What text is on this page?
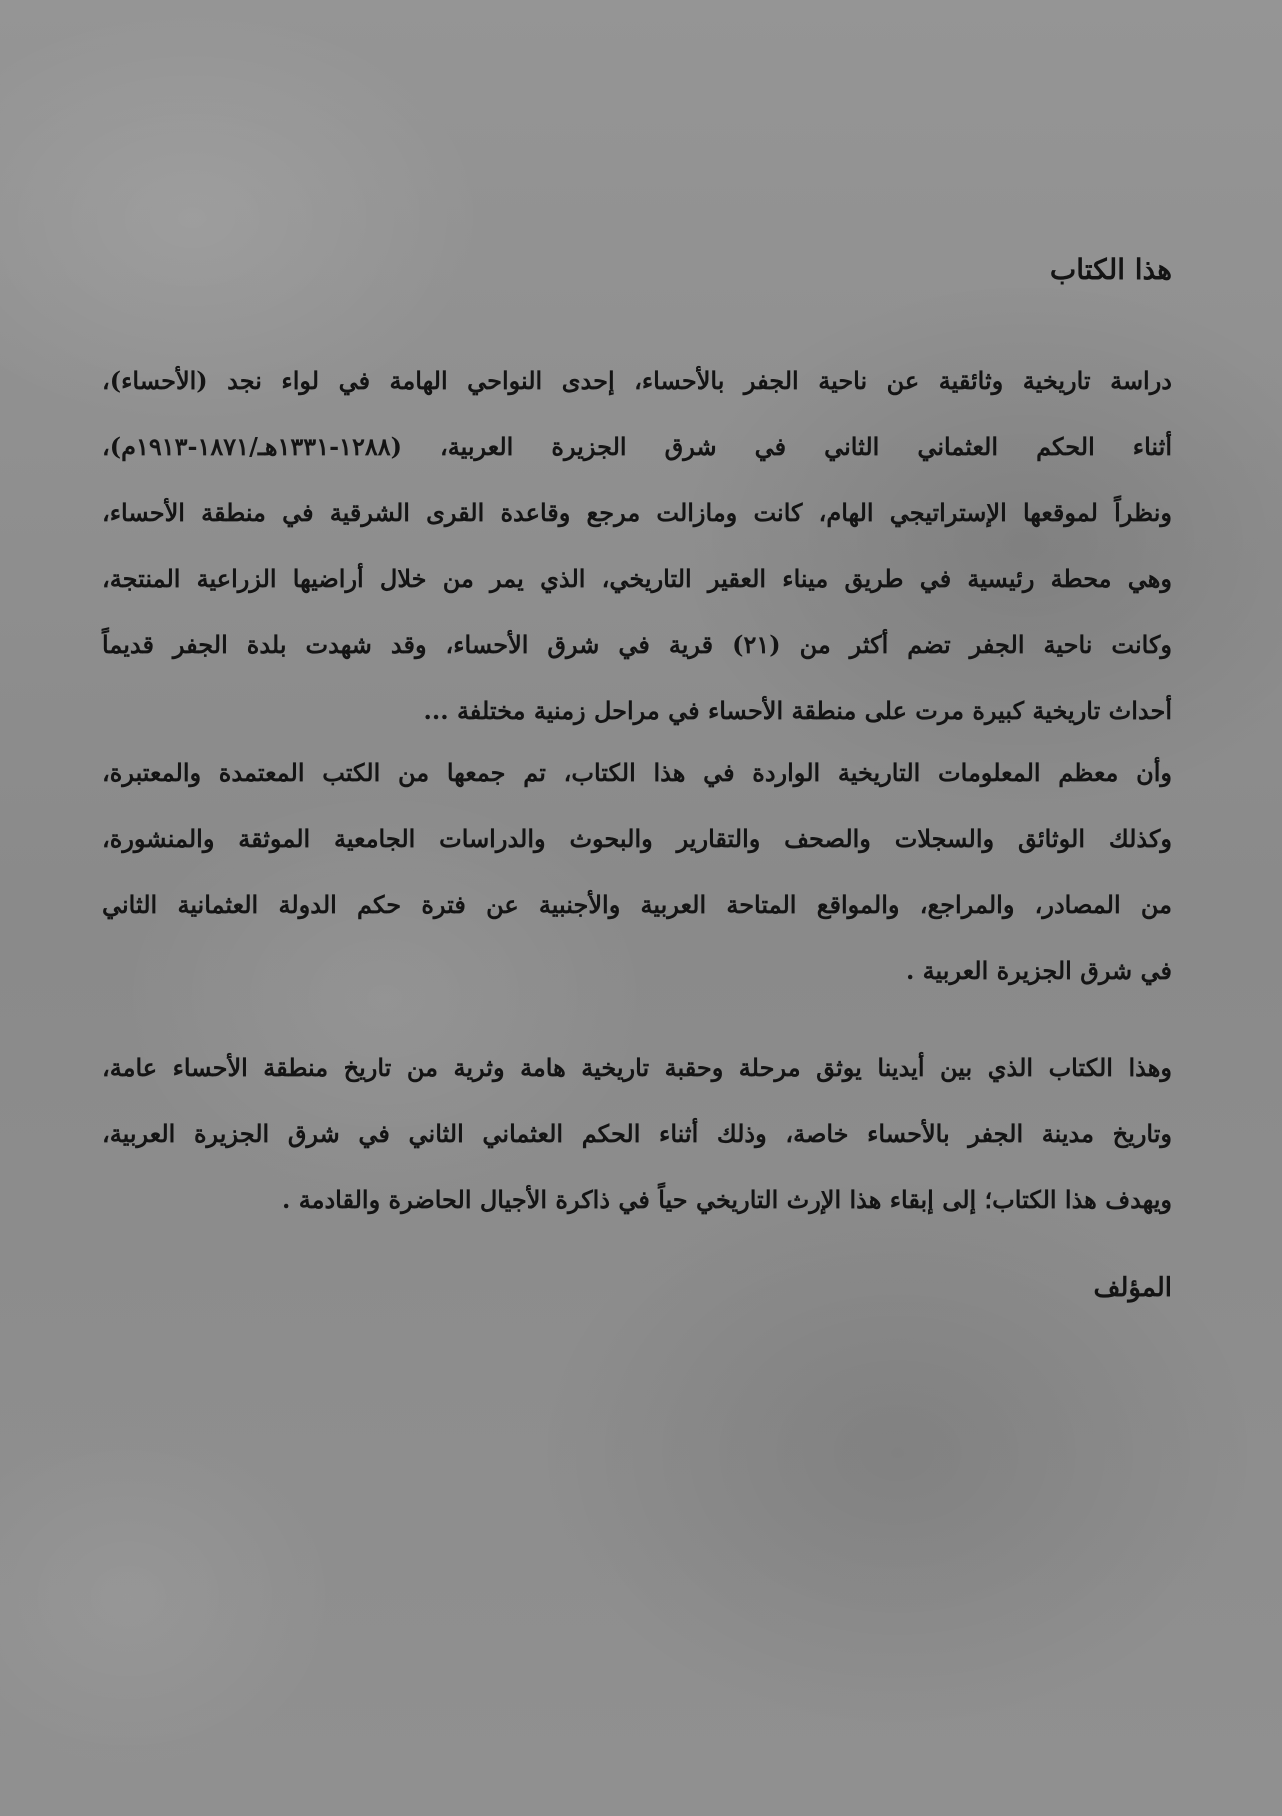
هذا الكتاب
دراسة تاريخية وثائقية عن ناحية الجفر بالأحساء، إحدى النواحي الهامة في لواء نجد (الأحساء)،
أثناء الحكم العثماني الثاني في شرق الجزيرة العربية، (١٢٨٨-١٣٣١هـ/١٨٧١-١٩١٣م)،
ونظراً لموقعها الإستراتيجي الهام، كانت ومازالت مرجع وقاعدة القرى الشرقية في منطقة الأحساء،
وهي محطة رئيسية في طريق ميناء العقير التاريخي، الذي يمر من خلال أراضيها الزراعية المنتجة،
وكانت ناحية الجفر تضم أكثر من (٢١) قرية في شرق الأحساء، وقد شهدت بلدة الجفر قديماً
أحداث تاريخية كبيرة مرت على منطقة الأحساء في مراحل زمنية مختلفة ...
وأن معظم المعلومات التاريخية الواردة في هذا الكتاب، تم جمعها من الكتب المعتمدة والمعتبرة،
وكذلك الوثائق والسجلات والصحف والتقارير والبحوث والدراسات الجامعية الموثقة والمنشورة،
من المصادر، والمراجع، والمواقع المتاحة العربية والأجنبية عن فترة حكم الدولة العثمانية الثاني
في شرق الجزيرة العربية .
وهذا الكتاب الذي بين أيدينا يوثق مرحلة وحقبة تاريخية هامة وثرية من تاريخ منطقة الأحساء عامة،
وتاريخ مدينة الجفر بالأحساء خاصة، وذلك أثناء الحكم العثماني الثاني في شرق الجزيرة العربية،
ويهدف هذا الكتاب؛ إلى إبقاء هذا الإرث التاريخي حياً في ذاكرة الأجيال الحاضرة والقادمة .
المؤلف
